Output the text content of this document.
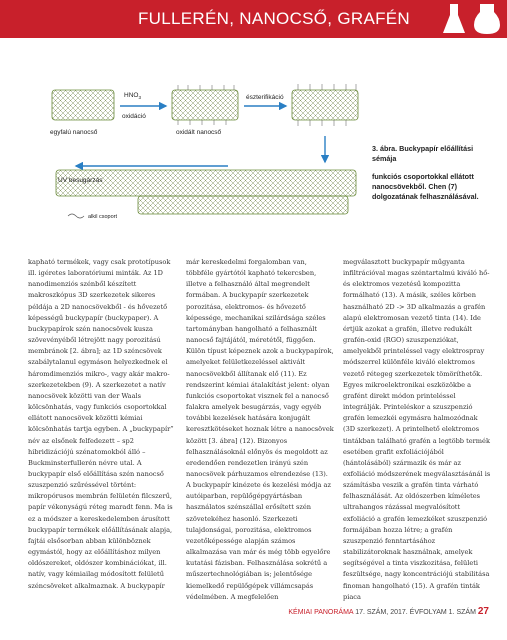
FULLERÉN, NANOCSŐ, GRAFÉN
egyfalú nanocső
$HNO_3$
oxidáció
oxidált nanocső
észterifikáció
UV besugárzás
alkil csoport
3. ábra. Buckypapír előállítási sémája
funkciós csoportokkal ellátott nanocsövekből. Chen (7) dolgozatának felhasználásával.

kapható termékek, vagy csak prototípusok ill. igéretes laboratóriumi minták. Az 1D nanodimenziós szénből készített makroszkópus 3D szerkezetek sikeres példája a 2D nanocsövekből - és hővezető képességű buckypapír (buckypaper). A buckypapírok szén nanocsövek kusza szövevényéből létrejött nagy porozitású membránok [2. ábra]; az 1D széncsövek szabálytalanul egymáson helyezkednek el háromdimenziós mikro-, vagy akár makro-szerkezetekben (9). A szerkezetet a natív nanocsövek közötti van der Waals kölcsönhatás, vagy funkciós csoportokkal ellátott nanocsövek közötti kémiai kölcsönhatás tartja egyben. A „buckypapír” név az elsőnek felfedezett – sp2 hibridizációjú szénatomokból álló – Buckminsterfullerén névre utal. A buckypapír első előállítása szén nanocső szuszpenzió szűréssével történt: mikropórusos membrán felületén filcszerű, papír vékonyságú réteg maradt fenn. Ma is ez a módszer a kereskedelemben árusított buckypapír termékek előállításának alapja, fajtái elsősorban abban különböznek egymástól, hogy az előállításhoz milyen oldószereket, oldószer kombinációkat, ill. natív, vagy kémiailag módosított felületű széncsöveket alkalmaznak. A buckypapír

már kereskedelmi forgalomban van, többféle gyártótól kapható tekercsben, illetve a felhasználó által megrendelt formában. A buckypapír szerkezetek porozitása, elektromos- és hővezető képessége, mechanikai szilárdsága széles tartományban hangolható a felhasznált nanocső fajtájától, méretétől, függően. Külön típust képeznek azok a buckypapírok, amelyeket felületkezeléssel aktivált nanocsövekből állítanak elő (11). Ez rendszerint kémiai átalakítást jelent: olyan funkciós csoportokat visznek fel a nanocső falakra amelyek besugárzás, vagy egyéb további kezelések hatására konjugált keresztkötéseket hoznak létre a nanocsövek között [3. ábra] (12). Bizonyos felhasználásoknál előnyös és megoldott az eredendően rendezetlen irányú szén nanocsövek párhuzamos elrendezése (13). A buckypapír kinézete és kezelési módja az autóiparban, repülőgépgyártásban használatos szénszállal erősített szén szövetekéhez hasonló. Szerkezeti tulajdonságai, porozitása, elektromos vezetőképessége alapján számos alkalmazása van már és még több egyelőre kutatási fázisban. Felhasználása sokrétű a műszertechnológiában is; jelentősége kiemelkedő repülőgépek villámcsapás védelmében. A megfelelően

megválasztott buckypapír műgyanta infiltrációval magas széntartalmú kiváló hő- és elektromos vezetésű kompozitta formálható (13). A másik, széles körben használható 2D -> 3D alkalmazás a grafén alapú elektromosan vezető tinta (14). Ide értjük azokat a grafén, illetve redukált grafén-oxid (RGO) szuszpenziókat, amelyekből printeléssel vagy elektrospray módszerrel különféle kiváló elektromos vezető rétegeg szerkezetek tömöríthetők. Egyes mikroelektronikai eszközökbe a grafént direkt módon printeléssel integrálják. Printeléskor a szuszpenzió grafén lemezkéi egymásra halmozódnak (3D szerkezet). A printelhető elektromos tintákban található grafén a legtöbb termék esetében grafit exfoliációjából (hántolásából) származik és már az exfoliáció módszerének megválasztásánál is számításba veszik a grafén tinta várható felhasználását. Az oldószerben kíméletes ultrahangos rázással megvalósított exfoliáció a grafén lemezkéket szuszpenzió formájában hozza létre; a grafén szuszpenzió fenntartásához stabilizátoroknak használnak, amelyek segítségével a tinta viszkozitása, felületi feszültsége, nagy koncentrációjú stabilitása finoman hangolható (15). A grafén tinták piaca

KÉMIAI PANORÁMA 17. SZÁM, 2017. ÉVFOLYAM 1. SZÁM 27
